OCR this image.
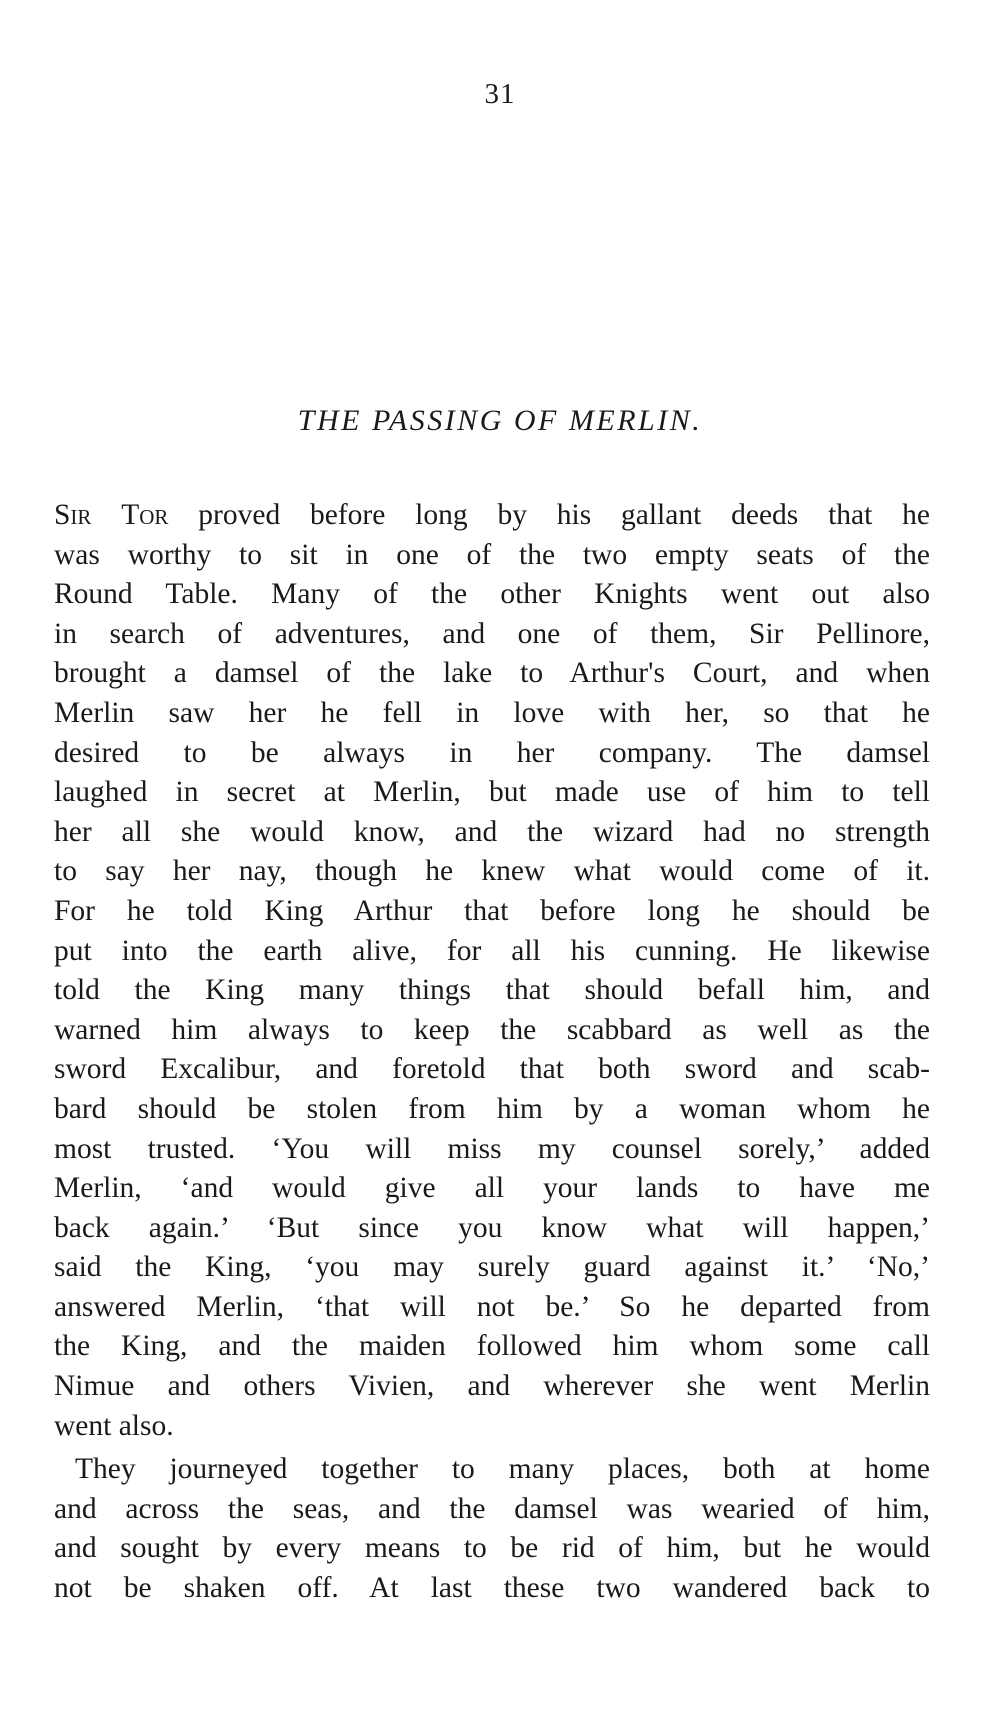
31
THE PASSING OF MERLIN.
Sir Tor proved before long by his gallant deeds that he
was worthy to sit in one of the two empty seats of the
Round Table. Many of the other Knights went out also
in search of adventures, and one of them, Sir Pellinore,
brought a damsel of the lake to Arthur's Court, and when
Merlin saw her he fell in love with her, so that he
desired to be always in her company. The damsel
laughed in secret at Merlin, but made use of him to tell
her all she would know, and the wizard had no strength
to say her nay, though he knew what would come of it.
For he told King Arthur that before long he should be
put into the earth alive, for all his cunning. He likewise
told the King many things that should befall him, and
warned him always to keep the scabbard as well as the
sword Excalibur, and foretold that both sword and scab-
bard should be stolen from him by a woman whom he
most trusted. ‘You will miss my counsel sorely,’ added
Merlin, ‘and would give all your lands to have me
back again.’ ‘But since you know what will happen,’
said the King, ‘you may surely guard against it.’ ‘No,’
answered Merlin, ‘that will not be.’ So he departed from
the King, and the maiden followed him whom some call
Nimue and others Vivien, and wherever she went Merlin
went also.
They journeyed together to many places, both at home
and across the seas, and the damsel was wearied of him,
and sought by every means to be rid of him, but he would
not be shaken off. At last these two wandered back to
